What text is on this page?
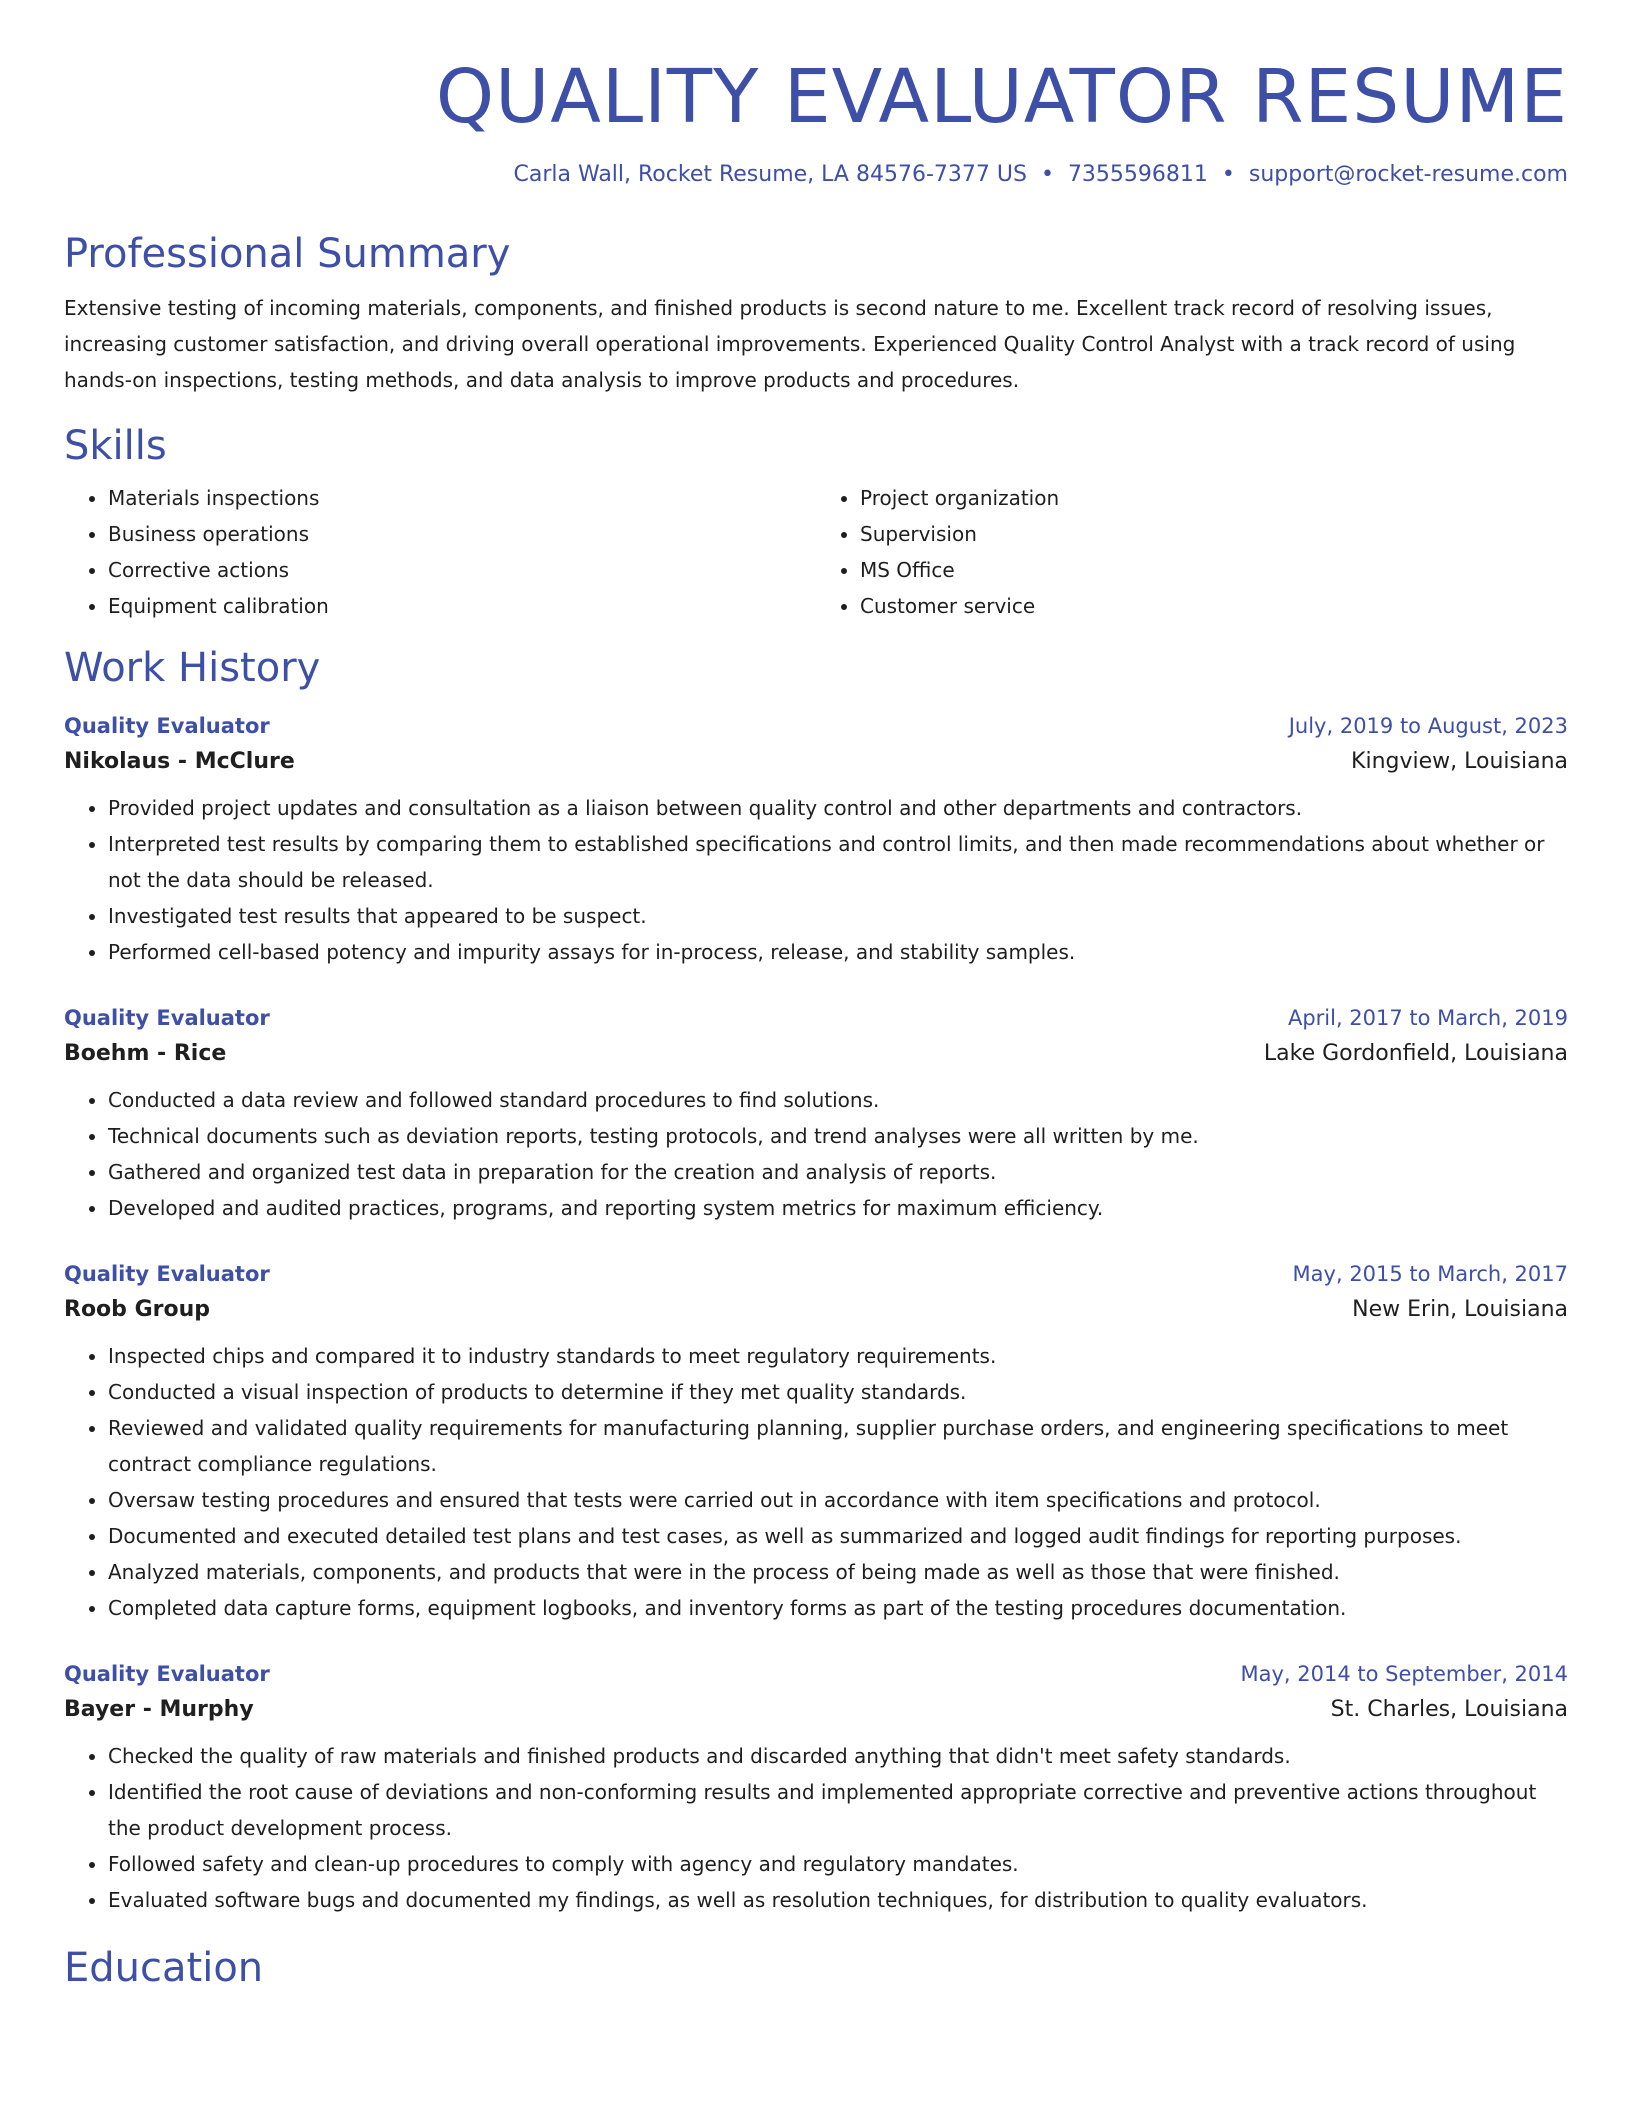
QUALITY EVALUATOR RESUME
Carla Wall, Rocket Resume, LA 84576-7377 US • 7355596811 • support@rocket-resume.com
Professional Summary
Extensive testing of incoming materials, components, and finished products is second nature to me. Excellent track record of resolving issues, increasing customer satisfaction, and driving overall operational improvements. Experienced Quality Control Analyst with a track record of using hands-on inspections, testing methods, and data analysis to improve products and procedures.
Skills
• Materials inspections
• Business operations
• Corrective actions
• Equipment calibration
• Project organization
• Supervision
• MS Office
• Customer service
Work History
Quality Evaluator	July, 2019 to August, 2023
Nikolaus - McClure	Kingview, Louisiana
• Provided project updates and consultation as a liaison between quality control and other departments and contractors.
• Interpreted test results by comparing them to established specifications and control limits, and then made recommendations about whether or not the data should be released.
• Investigated test results that appeared to be suspect.
• Performed cell-based potency and impurity assays for in-process, release, and stability samples.
Quality Evaluator	April, 2017 to March, 2019
Boehm - Rice	Lake Gordonfield, Louisiana
• Conducted a data review and followed standard procedures to find solutions.
• Technical documents such as deviation reports, testing protocols, and trend analyses were all written by me.
• Gathered and organized test data in preparation for the creation and analysis of reports.
• Developed and audited practices, programs, and reporting system metrics for maximum efficiency.
Quality Evaluator	May, 2015 to March, 2017
Roob Group	New Erin, Louisiana
• Inspected chips and compared it to industry standards to meet regulatory requirements.
• Conducted a visual inspection of products to determine if they met quality standards.
• Reviewed and validated quality requirements for manufacturing planning, supplier purchase orders, and engineering specifications to meet contract compliance regulations.
• Oversaw testing procedures and ensured that tests were carried out in accordance with item specifications and protocol.
• Documented and executed detailed test plans and test cases, as well as summarized and logged audit findings for reporting purposes.
• Analyzed materials, components, and products that were in the process of being made as well as those that were finished.
• Completed data capture forms, equipment logbooks, and inventory forms as part of the testing procedures documentation.
Quality Evaluator	May, 2014 to September, 2014
Bayer - Murphy	St. Charles, Louisiana
• Checked the quality of raw materials and finished products and discarded anything that didn't meet safety standards.
• Identified the root cause of deviations and non-conforming results and implemented appropriate corrective and preventive actions throughout the product development process.
• Followed safety and clean-up procedures to comply with agency and regulatory mandates.
• Evaluated software bugs and documented my findings, as well as resolution techniques, for distribution to quality evaluators.
Education
